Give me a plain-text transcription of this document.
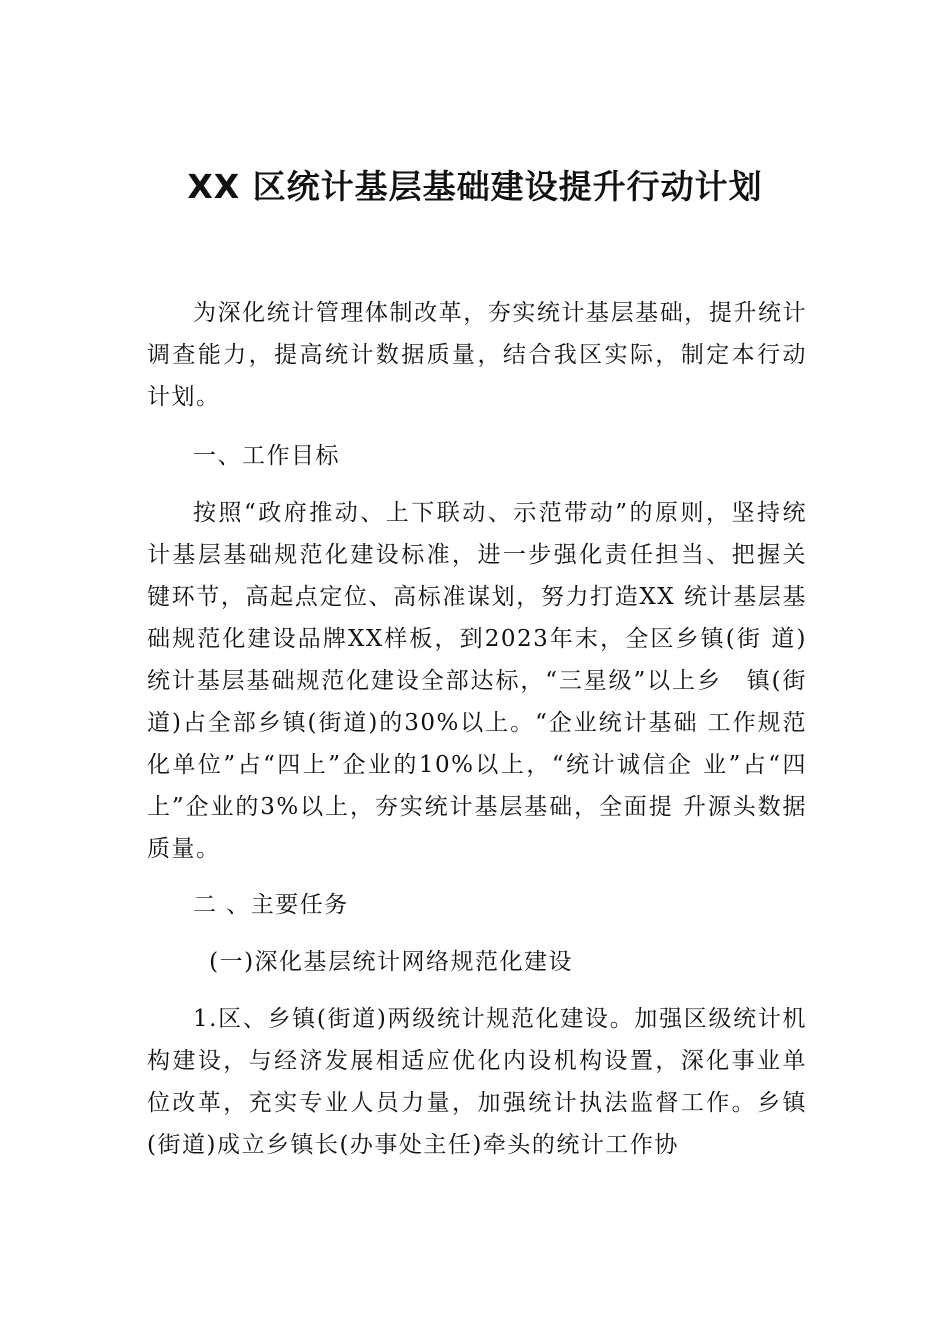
XX 区统计基层基础建设提升行动计划

为深化统计管理体制改革，夯实统计基层基础，提升统计调查能力，提高统计数据质量，结合我区实际，制定本行动计划。

一、工作目标

按照“政府推动、上下联动、示范带动”的原则，坚持统计基层基础规范化建设标准，进一步强化责任担当、把握关键环节，高起点定位、高标准谋划，努力打造XX 统计基层基础规范化建设品牌XX样板，到2023年末，全区乡镇(街 道)统计基层基础规范化建设全部达标，“三星级”以上乡　镇(街道)占全部乡镇(街道)的30%以上。“企业统计基础 工作规范化单位”占“四上”企业的10%以上，“统计诚信企 业”占“四上”企业的3%以上，夯实统计基层基础，全面提 升源头数据质量。

二 、主要任务

(一)深化基层统计网络规范化建设

1.区、乡镇(街道)两级统计规范化建设。加强区级统计机构建设，与经济发展相适应优化内设机构设置，深化事业单位改革，充实专业人员力量，加强统计执法监督工作。乡镇(街道)成立乡镇长(办事处主任)牵头的统计工作协
